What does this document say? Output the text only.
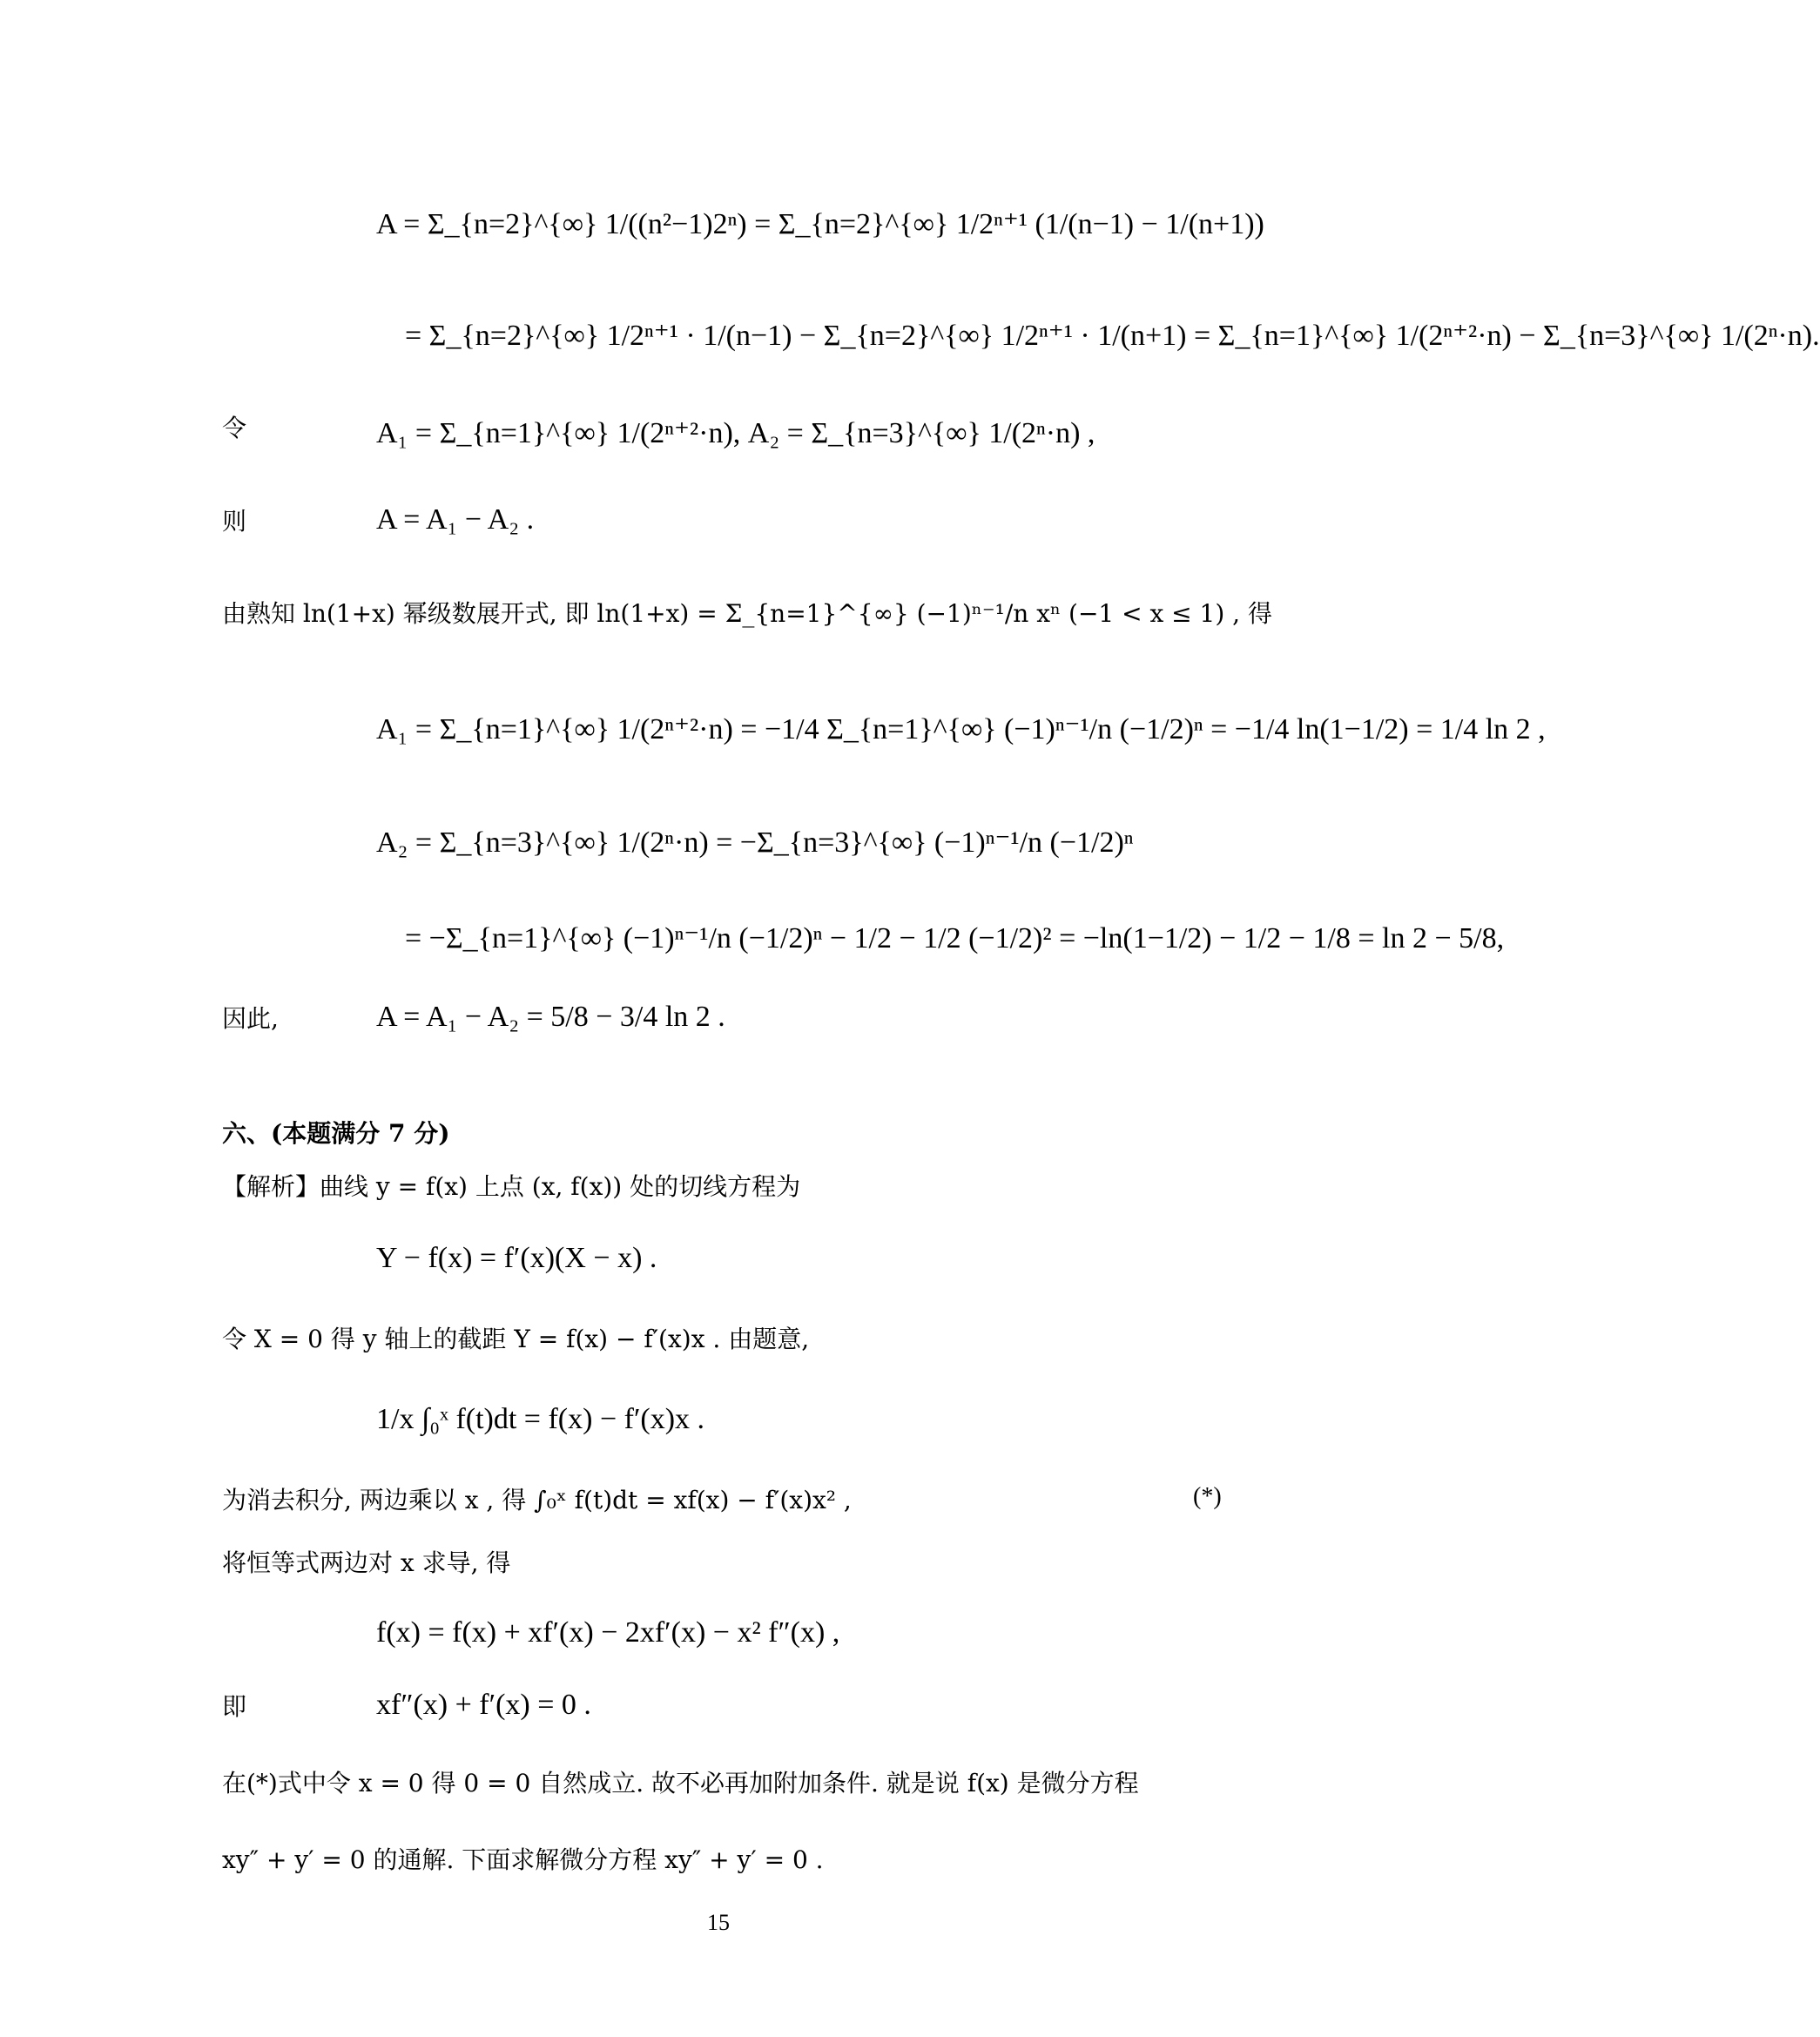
A = Σ_{n=2}^{∞} 1/((n²−1)2ⁿ) = Σ_{n=2}^{∞} 1/2ⁿ⁺¹ (1/(n−1) − 1/(n+1))
= Σ_{n=2}^{∞} 1/2ⁿ⁺¹ · 1/(n−1) − Σ_{n=2}^{∞} 1/2ⁿ⁺¹ · 1/(n+1) = Σ_{n=1}^{∞} 1/(2ⁿ⁺²·n) − Σ_{n=3}^{∞} 1/(2ⁿ·n).
令	A₁ = Σ_{n=1}^{∞} 1/(2ⁿ⁺²·n), A₂ = Σ_{n=3}^{∞} 1/(2ⁿ·n) ,
则	A = A₁ − A₂ .
由熟知 ln(1+x) 幂级数展开式, 即 ln(1+x) = Σ_{n=1}^{∞} (−1)ⁿ⁻¹/n xⁿ (−1 < x ≤ 1) , 得
A₁ = Σ_{n=1}^{∞} 1/(2ⁿ⁺²·n) = −1/4 Σ_{n=1}^{∞} (−1)ⁿ⁻¹/n (−1/2)ⁿ = −1/4 ln(1−1/2) = 1/4 ln 2 ,
A₂ = Σ_{n=3}^{∞} 1/(2ⁿ·n) = −Σ_{n=3}^{∞} (−1)ⁿ⁻¹/n (−1/2)ⁿ
= −Σ_{n=1}^{∞} (−1)ⁿ⁻¹/n (−1/2)ⁿ − 1/2 − 1/2 (−1/2)² = −ln(1−1/2) − 1/2 − 1/8 = ln 2 − 5/8,
因此,	A = A₁ − A₂ = 5/8 − 3/4 ln 2 .
六、(本题满分 7 分)
【解析】曲线 y = f(x) 上点 (x, f(x)) 处的切线方程为
Y − f(x) = f′(x)(X − x) .
令 X = 0 得 y 轴上的截距 Y = f(x) − f′(x)x . 由题意,
1/x ∫₀ˣ f(t)dt = f(x) − f′(x)x .
为消去积分, 两边乘以 x , 得 ∫₀ˣ f(t)dt = xf(x) − f′(x)x² ,	(*)
将恒等式两边对 x 求导, 得
f(x) = f(x) + xf′(x) − 2xf′(x) − x² f″(x) ,
即	xf″(x) + f′(x) = 0 .
在(*)式中令 x = 0 得 0 = 0 自然成立. 故不必再加附加条件. 就是说 f(x) 是微分方程
xy″ + y′ = 0 的通解. 下面求解微分方程 xy″ + y′ = 0 .
15
